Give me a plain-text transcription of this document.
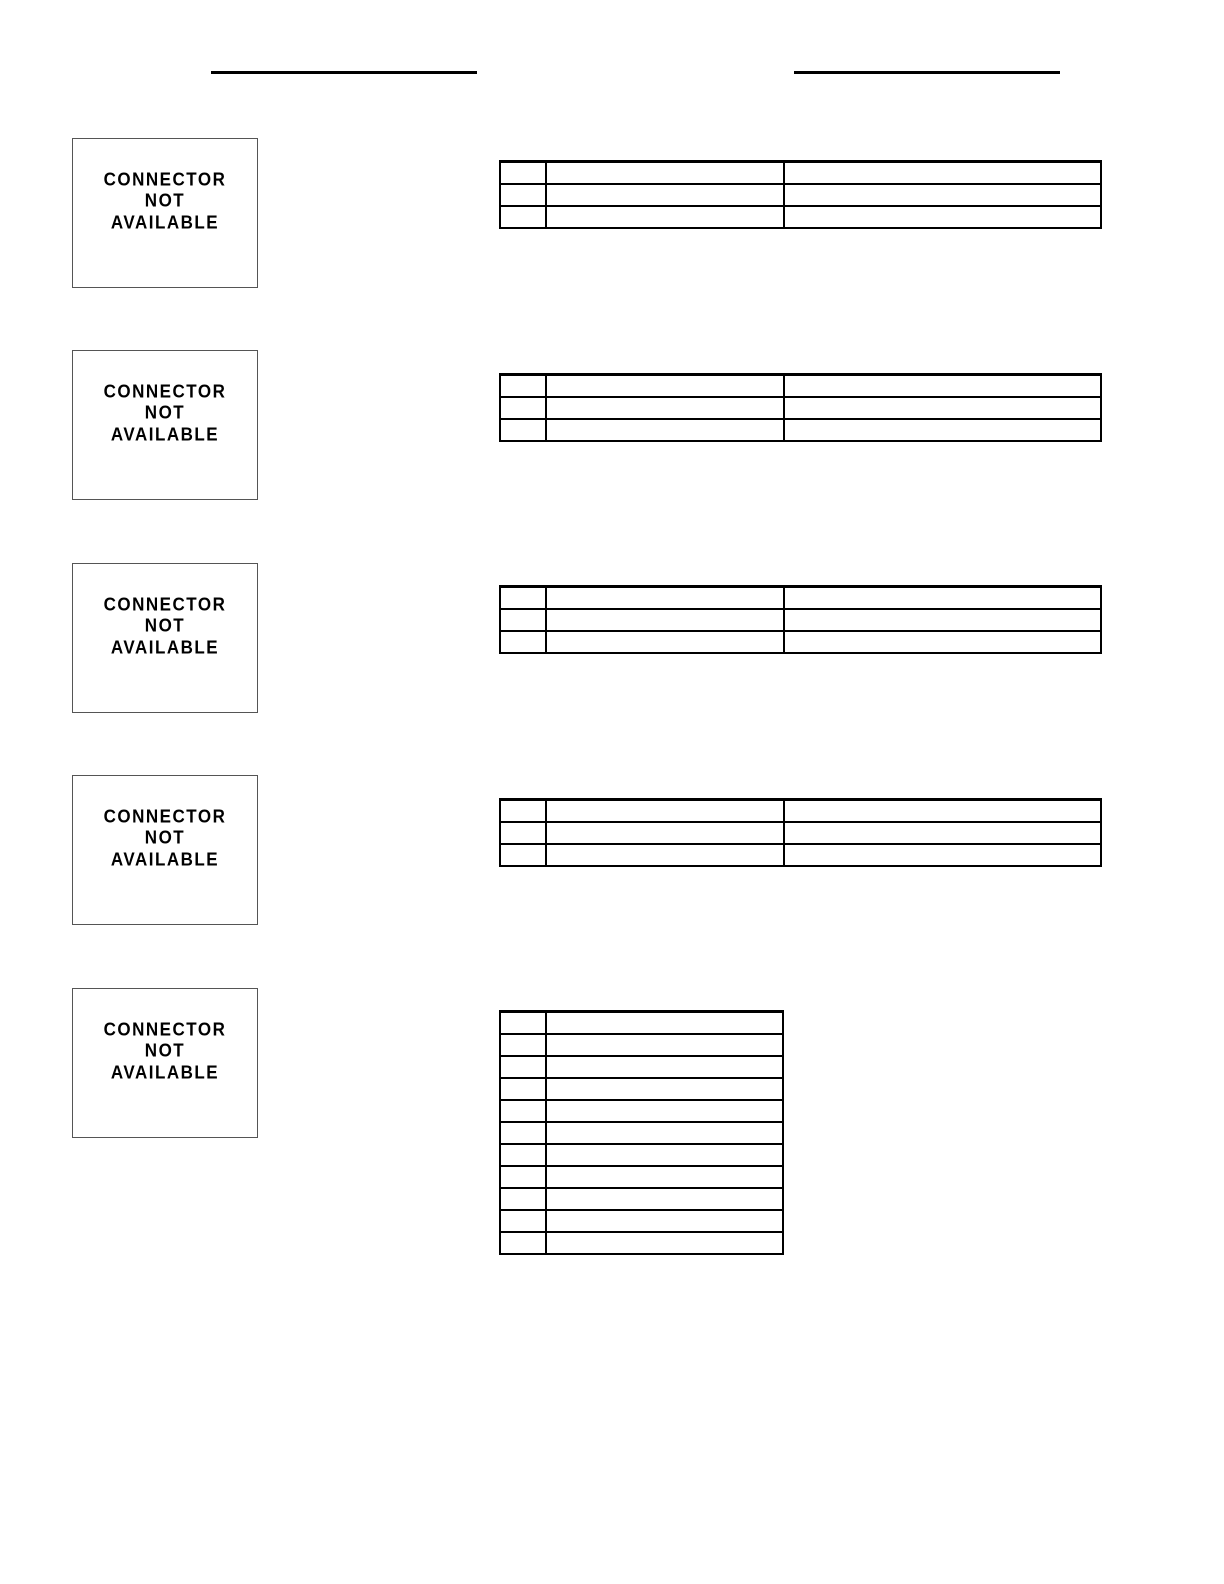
CONNECTOR
NOT
AVAILABLE

CONNECTOR
NOT
AVAILABLE

CONNECTOR
NOT
AVAILABLE

CONNECTOR
NOT
AVAILABLE

CONNECTOR
NOT
AVAILABLE
